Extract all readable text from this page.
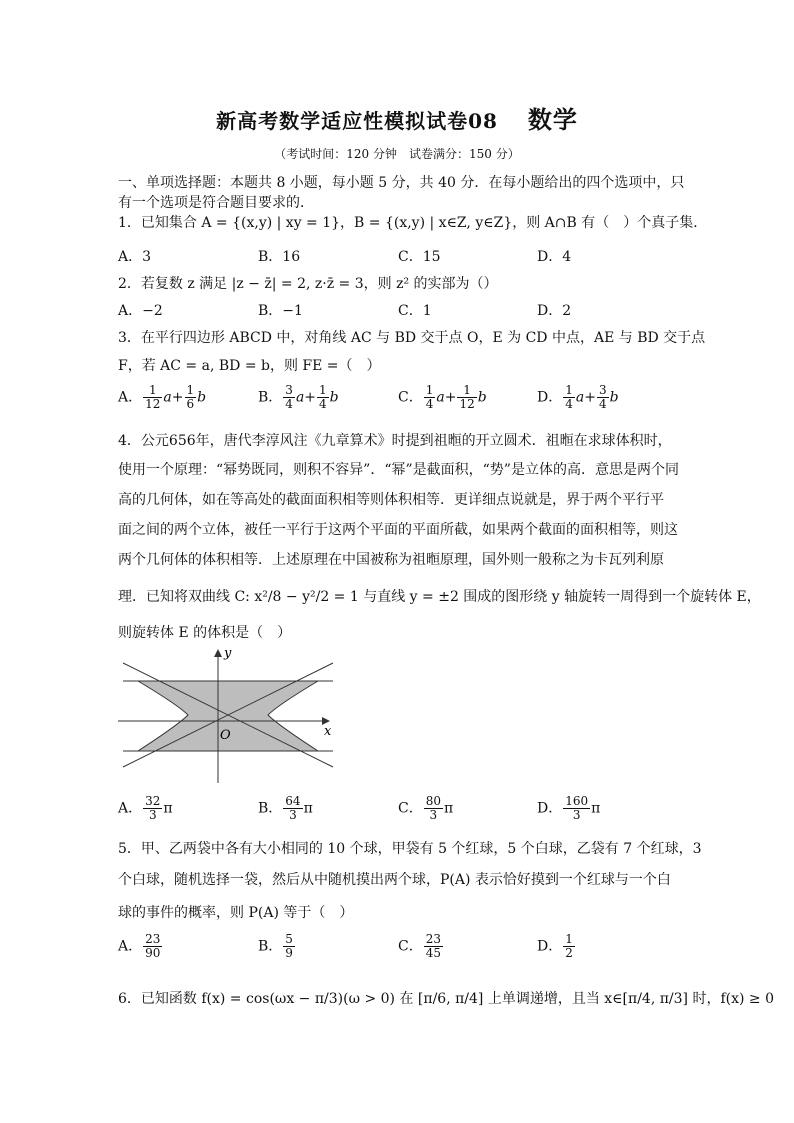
新高考数学适应性模拟试卷08 数学
（考试时间：120 分钟　试卷满分：150 分）
一、单项选择题：本题共 8 小题，每小题 5 分，共 40 分．在每小题给出的四个选项中，只
有一个选项是符合题目要求的．
1．已知集合 A = {(x,y) | xy = 1}，B = {(x,y) | x∈Z, y∈Z}，则 A∩B 有（　）个真子集．
A．3	B．16	C．15	D．4
2．若复数 z 满足 |z − z̄| = 2, z·z̄ = 3，则 z² 的实部为（）
A．−2	B．−1	C．1	D．2
3．在平行四边形 ABCD 中，对角线 AC 与 BD 交于点 O，E 为 CD 中点，AE 与 BD 交于点
F，若 AC = a, BD = b，则 FE =（　）
A． $\frac{1}{12} a+ \frac{1}{6}$ b	B． $\frac{3}{4} a+ \frac{1}{4}$ b	C． $\frac{1}{4} a+ \frac{1}{12}$ b	D． $\frac{1}{4} a+ \frac{3}{4}$ b
4．公元656年，唐代李淳风注《九章算术》时提到祖暅的开立圆术．祖暅在求球体积时，
使用一个原理：“幂势既同，则积不容异”．“幂”是截面积，“势”是立体的高．意思是两个同
高的几何体，如在等高处的截面面积相等则体积相等．更详细点说就是，界于两个平行平
面之间的两个立体，被任一平行于这两个平面的平面所截，如果两个截面的面积相等，则这
两个几何体的体积相等．上述原理在中国被称为祖暅原理，国外则一般称之为卡瓦列利原
理．已知将双曲线 C: x²/8 − y²/2 = 1 与直线 y = ±2 围成的图形绕 y 轴旋转一周得到一个旋转体 E，
则旋转体 E 的体积是（　）
y
x
O
A． $\frac{32}{3}$ π	B． $\frac{64}{3}$ π	C． $\frac{80}{3}$ π	D． $\frac{160}{3}$ π
5．甲、乙两袋中各有大小相同的 10 个球，甲袋有 5 个红球，5 个白球，乙袋有 7 个红球，3
个白球，随机选择一袋，然后从中随机摸出两个球，P(A) 表示恰好摸到一个红球与一个白
球的事件的概率，则 P(A) 等于（　）
A． $\frac{23}{90}$	B． $\frac{5}{9}$	C． $\frac{23}{45}$	D． $\frac{1}{2}$
6．已知函数 f(x) = cos(ωx − π/3)(ω > 0) 在 [π/6, π/4] 上单调递增，且当 x∈[π/4, π/3] 时，f(x) ≥ 0
